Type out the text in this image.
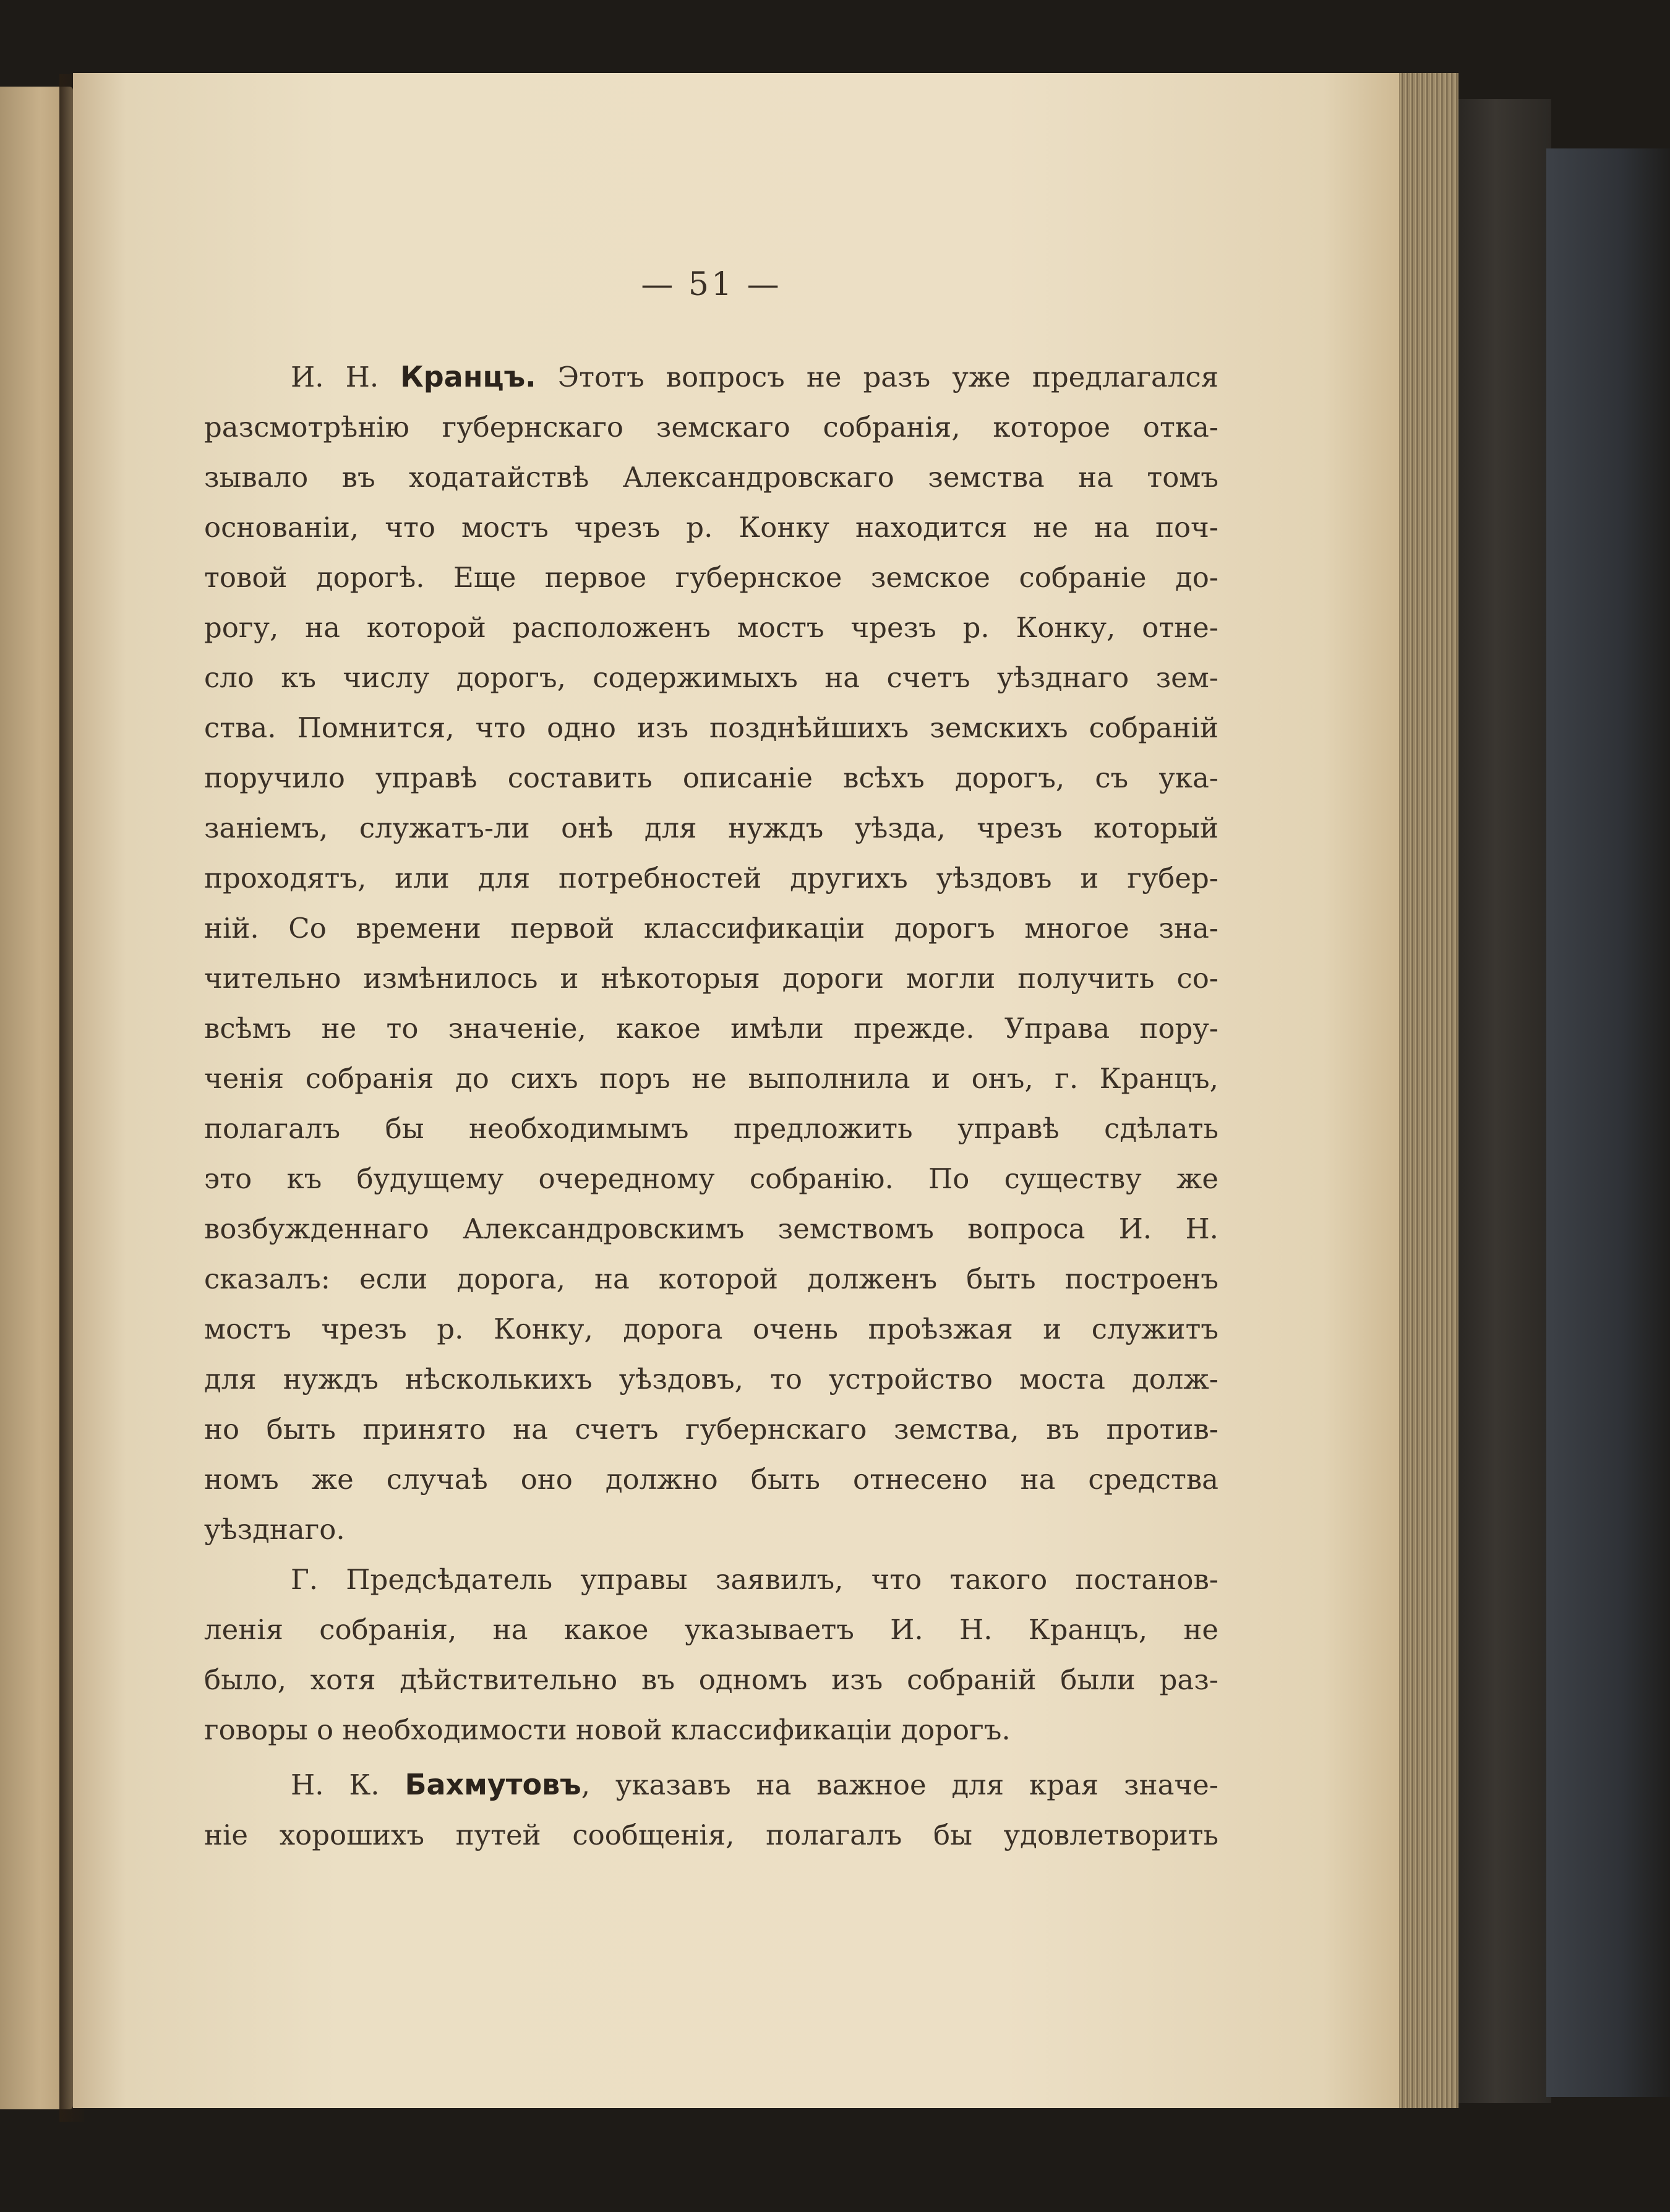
— 51 —
И. Н. Кранцъ. Этотъ вопросъ не разъ уже предлагался
разсмотрѣнію губернскаго земскаго собранія, которое отка-
зывало въ ходатайствѣ Александровскаго земства на томъ
основаніи, что мостъ чрезъ р. Конку находится не на поч-
товой дорогѣ. Еще первое губернское земское собраніе до-
рогу, на которой расположенъ мостъ чрезъ р. Конку, отне-
сло къ числу дорогъ, содержимыхъ на счетъ уѣзднаго зем-
ства. Помнится, что одно изъ позднѣйшихъ земскихъ собраній
поручило управѣ составить описаніе всѣхъ дорогъ, съ ука-
заніемъ, служатъ-ли онѣ для нуждъ уѣзда, чрезъ который
проходятъ, или для потребностей другихъ уѣздовъ и губер-
ній. Со времени первой классификаціи дорогъ многое зна-
чительно измѣнилось и нѣкоторыя дороги могли получить со-
всѣмъ не то значеніе, какое имѣли прежде. Управа пору-
ченія собранія до сихъ поръ не выполнила и онъ, г. Кранцъ,
полагалъ бы необходимымъ предложить управѣ сдѣлать
это къ будущему очередному собранію. По существу же
возбужденнаго Александровскимъ земствомъ вопроса И. Н.
сказалъ: если дорога, на которой долженъ быть построенъ
мостъ чрезъ р. Конку, дорога очень проѣзжая и служитъ
для нуждъ нѣсколькихъ уѣздовъ, то устройство моста долж-
но быть принято на счетъ губернскаго земства, въ против-
номъ же случаѣ оно должно быть отнесено на средства
уѣзднаго.
Г. Предсѣдатель управы заявилъ, что такого постанов-
ленія собранія, на какое указываетъ И. Н. Кранцъ, не
было, хотя дѣйствительно въ одномъ изъ собраній были раз-
говоры о необходимости новой классификаціи дорогъ.
Н. К. Бахмутовъ, указавъ на важное для края значе-
ніе хорошихъ путей сообщенія, полагалъ бы удовлетворить
